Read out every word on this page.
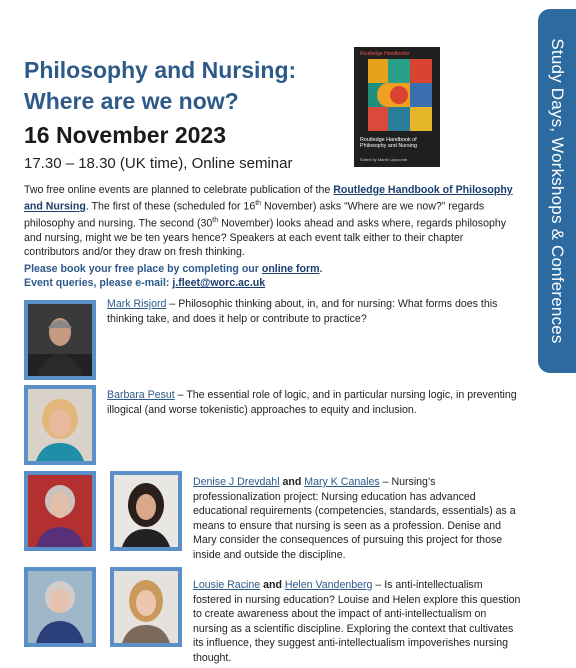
Philosophy and Nursing:
Where are we now?
16 November 2023
17.30 – 18.30 (UK time), Online seminar	Study Days, Workshops & Conferences
Routledge Handbooks
Routledge Handbook of Philosophy and Nursing
Edited by Martin Lipscomb
Two free online events are planned to celebrate publication of the Routledge Handbook of Philosophy and Nursing. The first of these (scheduled for 16th November) asks “Where are we now?” regards philosophy and nursing. The second (30th November) looks ahead and asks where, regards philosophy and nursing, might we be ten years hence? Speakers at each event talk either to their chapter contributors and/or they draw on fresh thinking.
Please book your free place by completing our online form.
Event queries, please e-mail: j.fleet@worc.ac.uk
Mark Risjord – Philosophic thinking about, in, and for nursing: What forms does this thinking take, and does it help or contribute to practice?
Barbara Pesut – The essential role of logic, and in particular nursing logic, in preventing illogical (and worse tokenistic) approaches to equity and inclusion.
Denise J Drevdahl and Mary K Canales – Nursing’s professionalization project: Nursing education has advanced educational requirements (competencies, standards, essentials) as a means to ensure that nursing is seen as a profession. Denise and Mary consider the consequences of pursuing this project for those inside and outside the discipline.
Lousie Racine and Helen Vandenberg – Is anti-intellectualism fostered in nursing education? Louise and Helen explore this question to create awareness about the impact of anti-intellectualism on nursing as a scientific discipline. Exploring the context that cultivates its influence, they suggest anti-intellectualism impoverishes nursing thought.
